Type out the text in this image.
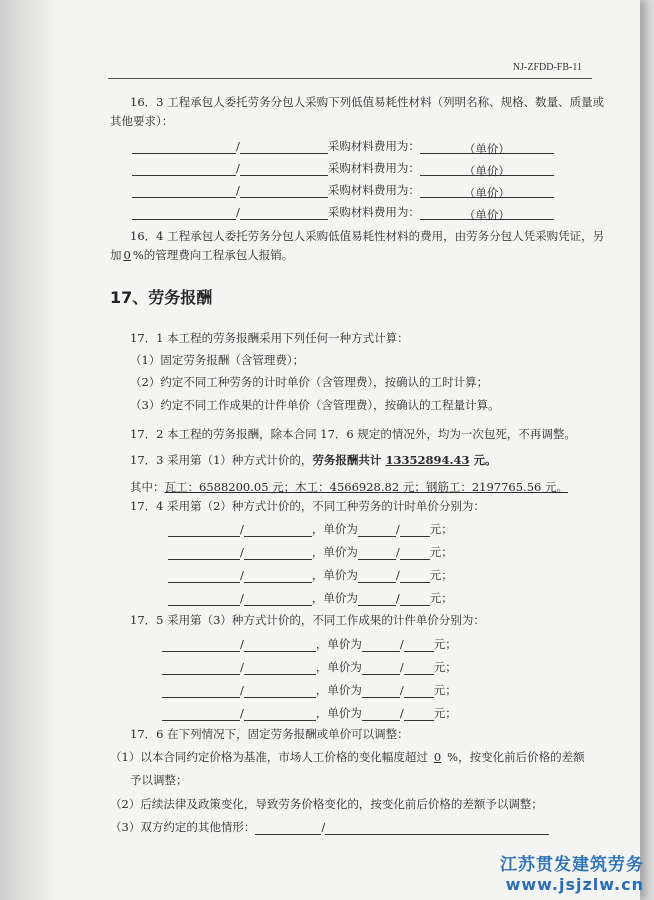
NJ-ZFDD-FB-11
16．3 工程承包人委托劳务分包人采购下列低值易耗性材料（列明名称、规格、数量、质量或
其他要求）：
/	采购材料费用为：	（单价）
/	采购材料费用为：	（单价）
/	采购材料费用为：	（单价）
/	采购材料费用为：	（单价）
16．4 工程承包人委托劳务分包人采购低值易耗性材料的费用，由劳务分包人凭采购凭证，另
加 0 %的管理费向工程承包人报销。
17、劳务报酬
17．1 本工程的劳务报酬采用下列任何一种方式计算：
（1）固定劳务报酬（含管理费）；
（2）约定不同工种劳务的计时单价（含管理费），按确认的工时计算；
（3）约定不同工作成果的计件单价（含管理费），按确认的工程量计算。
17．2 本工程的劳务报酬，除本合同 17．6 规定的情况外，均为一次包死，不再调整。
17．3 采用第（1）种方式计价的，劳务报酬共计 13352894.43 元。
其中：瓦工：6588200.05 元；木工：4566928.82 元；钢筋工：2197765.56 元。
17．4 采用第（2）种方式计价的，不同工种劳务的计时单价分别为：
/	，单价为	/	元；
/	，单价为	/	元；
/	，单价为	/	元；
/	，单价为	/	元；
17．5 采用第（3）种方式计价的，不同工作成果的计件单价分别为：
/	，单价为	/	元；
/	，单价为	/	元；
/	，单价为	/	元；
/	，单价为	/	元；
17．6 在下列情况下，固定劳务报酬或单价可以调整：
（1）以本合同约定价格为基准，市场人工价格的变化幅度超过 0 %，按变化前后价格的差额
予以调整；
（2）后续法律及政策变化，导致劳务价格变化的，按变化前后价格的差额予以调整；
（3）双方约定的其他情形：	/
江苏贯发建筑劳务
www.jsjzlw.cn
